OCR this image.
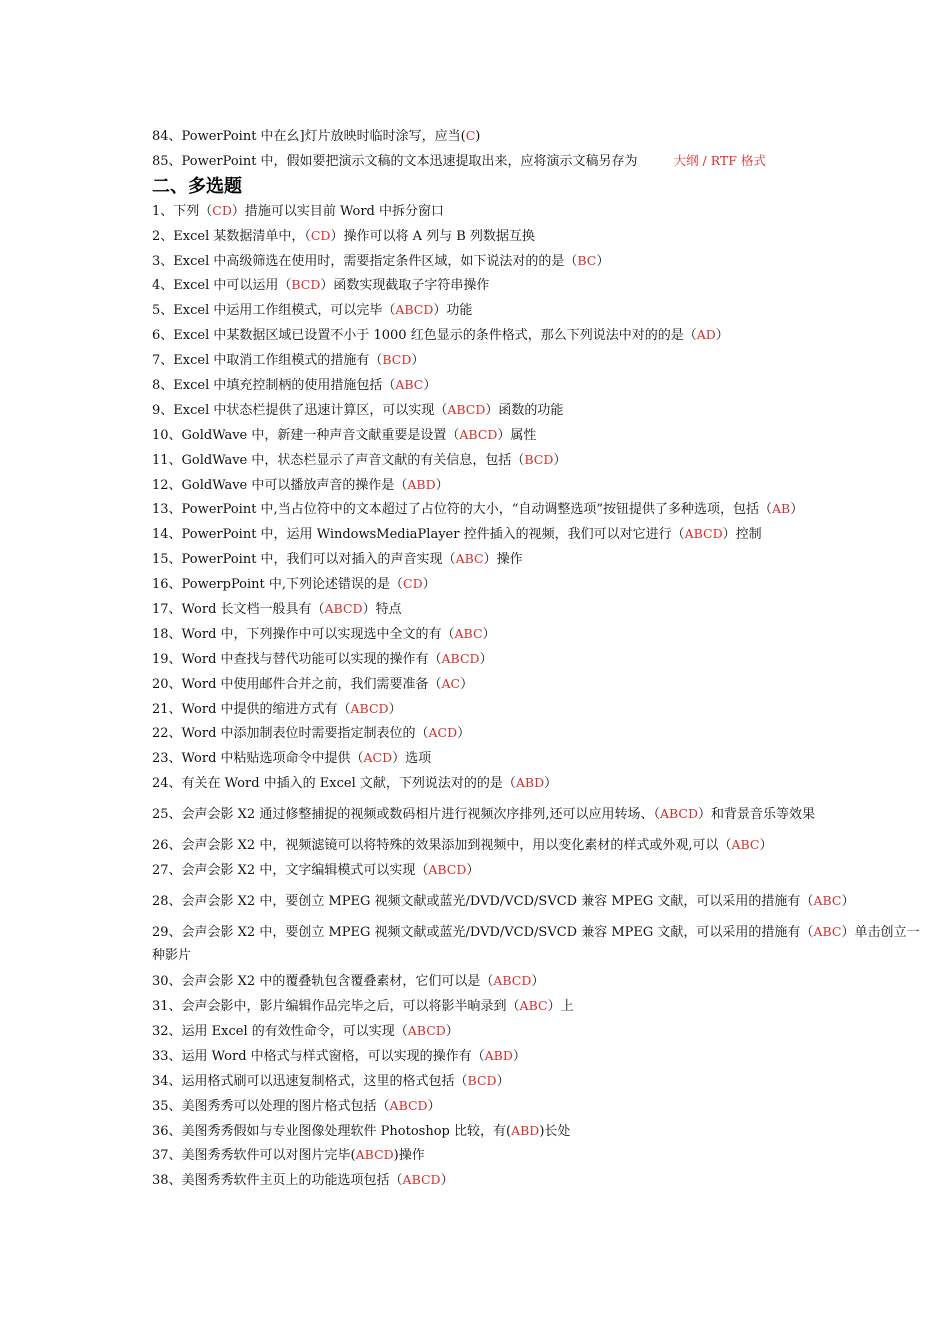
84、PowerPoint 中在幺]灯片放映时临时涂写，应当(C)
85、PowerPoint 中，假如要把演示文稿的文本迅速提取出来，应将演示文稿另存为	大纲 / RTF 格式
二、多选题
1、下列（CD）措施可以实目前 Word 中拆分窗口
2、Excel 某数据清单中，（CD）操作可以将 A 列与 B 列数据互换
3、Excel 中高级筛选在使用时，需要指定条件区域，如下说法对的的是（BC）
4、Excel 中可以运用（BCD）函数实现截取子字符串操作
5、Excel 中运用工作组模式，可以完毕（ABCD）功能
6、Excel 中某数据区域已设置不小于 1000 红色显示的条件格式，那么下列说法中对的的是（AD）
7、Excel 中取消工作组模式的措施有（BCD）
8、Excel 中填充控制柄的使用措施包括（ABC）
9、Excel 中状态栏提供了迅速计算区，可以实现（ABCD）函数的功能
10、GoldWave 中，新建一种声音文献重要是设置（ABCD）属性
11、GoldWave 中，状态栏显示了声音文献的有关信息，包括（BCD）
12、GoldWave 中可以播放声音的操作是（ABD）
13、PowerPoint 中,当占位符中的文本超过了占位符的大小，“自动调整选项”按钮提供了多种选项，包括（AB）
14、PowerPoint 中，运用 WindowsMediaPlayer 控件插入的视频，我们可以对它进行（ABCD）控制
15、PowerPoint 中，我们可以对插入的声音实现（ABC）操作
16、PowerpPoint 中,下列论述错误的是（CD）
17、Word 长文档一般具有（ABCD）特点
18、Word 中，下列操作中可以实现选中全文的有（ABC）
19、Word 中查找与替代功能可以实现的操作有（ABCD）
20、Word 中使用邮件合并之前，我们需要准备（AC）
21、Word 中提供的缩进方式有（ABCD）
22、Word 中添加制表位时需要指定制表位的（ACD）
23、Word 中粘贴选项命令中提供（ACD）选项
24、有关在 Word 中插入的 Excel 文献，下列说法对的的是（ABD）
25、会声会影 X2 通过修整捕捉的视频或数码相片进行视频次序排列,还可以应用转场、（ABCD）和背景音乐等效果
26、会声会影 X2 中，视频滤镜可以将特殊的效果添加到视频中，用以变化素材的样式或外观,可以（ABC）
27、会声会影 X2 中，文字编辑模式可以实现（ABCD）
28、会声会影 X2 中，要创立 MPEG 视频文献或蓝光/DVD/VCD/SVCD 兼容 MPEG 文献，可以采用的措施有（ABC）
29、会声会影 X2 中，要创立 MPEG 视频文献或蓝光/DVD/VCD/SVCD 兼容 MPEG 文献，可以采用的措施有（ABC）单击创立一
种影片
30、会声会影 X2 中的覆叠轨包含覆叠素材，它们可以是（ABCD）
31、会声会影中，影片编辑作品完毕之后，可以将影半晌录到（ABC）上
32、运用 Excel 的有效性命令，可以实现（ABCD）
33、运用 Word 中格式与样式窗格，可以实现的操作有（ABD）
34、运用格式刷可以迅速复制格式，这里的格式包括（BCD）
35、美图秀秀可以处理的图片格式包括（ABCD）
36、美图秀秀假如与专业图像处理软件 Photoshop 比较，有(ABD)长处
37、美图秀秀软件可以对图片完毕(ABCD)操作
38、美图秀秀软件主页上的功能选项包括（ABCD）
